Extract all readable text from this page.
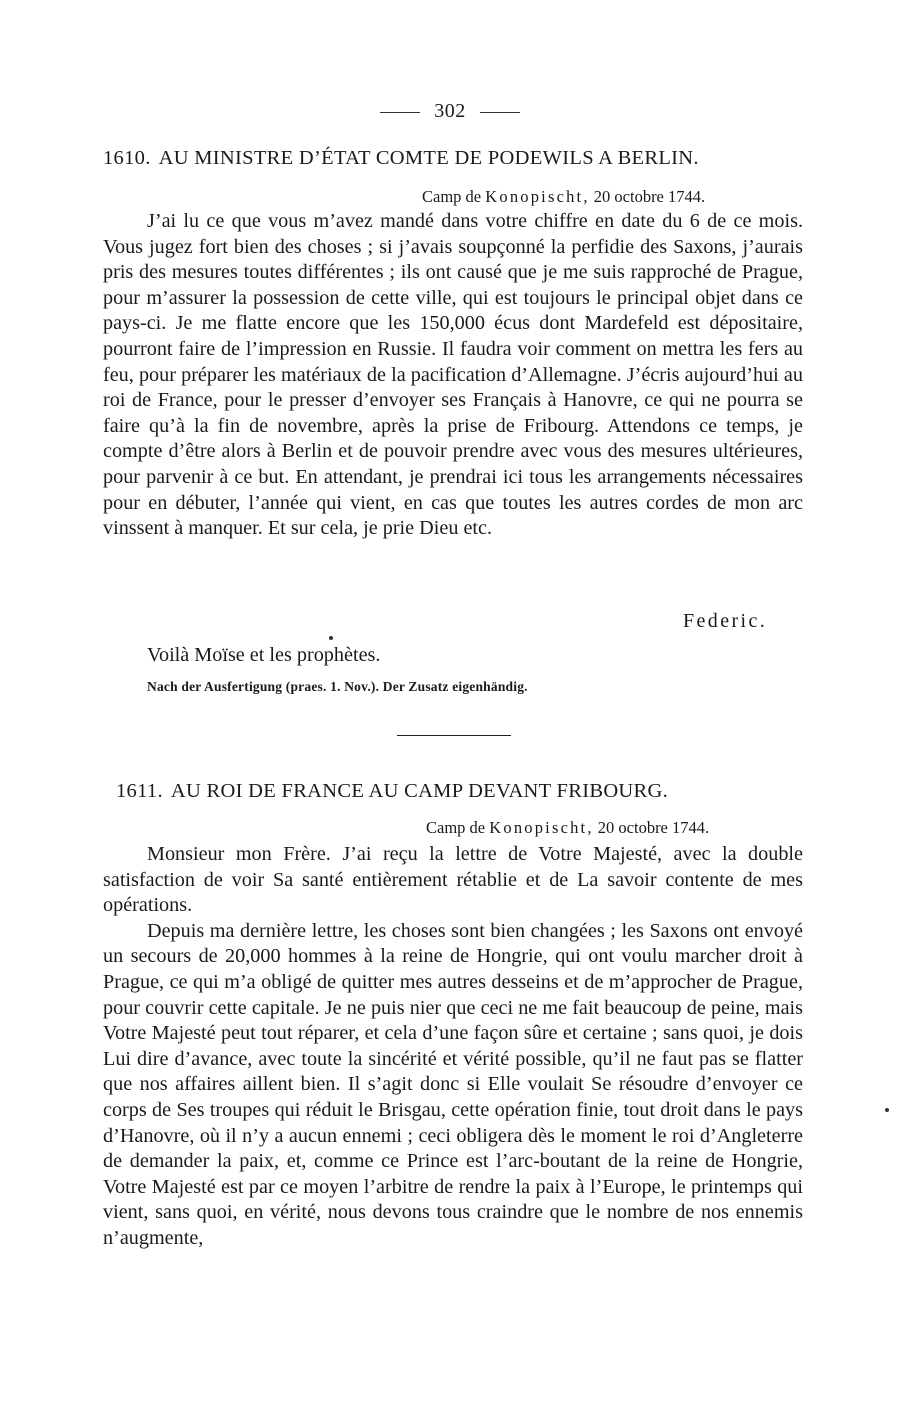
302
1610. AU MINISTRE D’ÉTAT COMTE DE PODEWILS A BERLIN.
Camp de Konopischt, 20 octobre 1744.

J’ai lu ce que vous m’avez mandé dans votre chiffre en date du 6 de ce mois. Vous jugez fort bien des choses ; si j’avais soupçonné la perfidie des Saxons, j’aurais pris des mesures toutes différentes ; ils ont causé que je me suis rapproché de Prague, pour m’assurer la possession de cette ville, qui est toujours le principal objet dans ce pays-ci. Je me flatte encore que les 150,000 écus dont Mardefeld est dépositaire, pourront faire de l’impression en Russie. Il faudra voir comment on mettra les fers au feu, pour préparer les matériaux de la pacification d’Allemagne. J’écris aujourd’hui au roi de France, pour le presser d’envoyer ses Français à Hanovre, ce qui ne pourra se faire qu’à la fin de novembre, après la prise de Fribourg. Attendons ce temps, je compte d’être alors à Berlin et de pouvoir prendre avec vous des mesures ultérieures, pour parvenir à ce but. En attendant, je prendrai ici tous les arrangements nécessaires pour en débuter, l’année qui vient, en cas que toutes les autres cordes de mon arc vinssent à manquer. Et sur cela, je prie Dieu etc.

Federic.
Voilà Moïse et les prophètes.
Nach der Ausfertigung (praes. 1. Nov.). Der Zusatz eigenhändig.
1611. AU ROI DE FRANCE AU CAMP DEVANT FRIBOURG.
Camp de Konopischt, 20 octobre 1744.

Monsieur mon Frère. J’ai reçu la lettre de Votre Majesté, avec la double satisfaction de voir Sa santé entièrement rétablie et de La savoir contente de mes opérations.

Depuis ma dernière lettre, les choses sont bien changées ; les Saxons ont envoyé un secours de 20,000 hommes à la reine de Hongrie, qui ont voulu marcher droit à Prague, ce qui m’a obligé de quitter mes autres desseins et de m’approcher de Prague, pour couvrir cette capitale. Je ne puis nier que ceci ne me fait beaucoup de peine, mais Votre Majesté peut tout réparer, et cela d’une façon sûre et certaine ; sans quoi, je dois Lui dire d’avance, avec toute la sincérité et vérité possible, qu’il ne faut pas se flatter que nos affaires aillent bien. Il s’agit donc si Elle voulait Se résoudre d’envoyer ce corps de Ses troupes qui réduit le Brisgau, cette opération finie, tout droit dans le pays d’Hanovre, où il n’y a aucun ennemi ; ceci obligera dès le moment le roi d’Angleterre de demander la paix, et, comme ce Prince est l’arc-boutant de la reine de Hongrie, Votre Majesté est par ce moyen l’arbitre de rendre la paix à l’Europe, le printemps qui vient, sans quoi, en vérité, nous devons tous craindre que le nombre de nos ennemis n’augmente,
